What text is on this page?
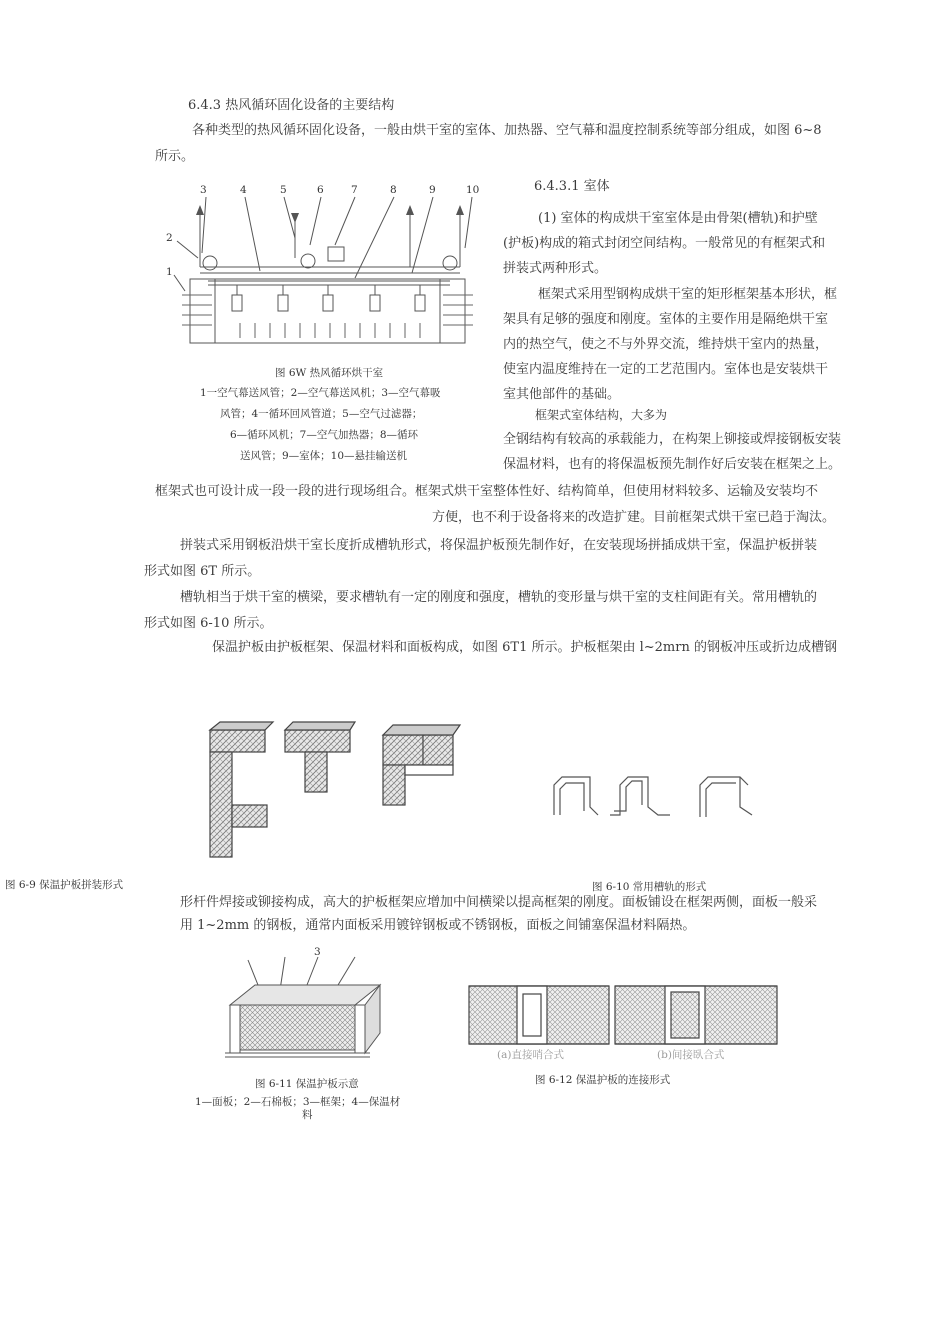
6.4.3 热风循环固化设备的主要结构
各种类型的热风循环固化设备，一般由烘干室的室体、加热器、空气幕和温度控制系统等部分组成，如图 6~8
所示。
6.4.3.1 室体
(1) 室体的构成烘干室室体是由骨架(槽轨)和护壁
(护板)构成的箱式封闭空间结构。一般常见的有框架式和
拼装式两种形式。
框架式采用型钢构成烘干室的矩形框架基本形状，框
架具有足够的强度和刚度。室体的主要作用是隔绝烘干室
内的热空气，使之不与外界交流，维持烘干室内的热量，
使室内温度维持在一定的工艺范围内。室体也是安装烘干
室其他部件的基础。
框架式室体结构，大多为
全钢结构有较高的承载能力，在构架上铆接或焊接钢板安装
保温材料，也有的将保温板预先制作好后安装在框架之上。
框架式也可设计成一段一段的进行现场组合。框架式烘干室整体性好、结构简单，但使用材料较多、运输及安装均不
方便，也不利于设备将来的改造扩建。目前框架式烘干室已趋于淘汰。
拼装式采用钢板沿烘干室长度折成槽轨形式，将保温护板预先制作好，在安装现场拼插成烘干室，保温护板拼装
形式如图 6T 所示。
槽轨相当于烘干室的横梁，要求槽轨有一定的刚度和强度，槽轨的变形量与烘干室的支柱间距有关。常用槽轨的
形式如图 6-10 所示。
保温护板由护板框架、保温材料和面板构成，如图 6T1 所示。护板框架由 l~2mrn 的钢板冲压或折边成槽钢
形杆件焊接或铆接构成，高大的护板框架应增加中间横梁以提高框架的刚度。面板铺设在框架两侧，面板一般采
用 1~2mm 的钢板，通常内面板采用镀锌钢板或不锈钢板，面板之间铺塞保温材料隔热。
3	4	5	6	7	8	9	10
2
1
图 6W 热风循环烘干室
1一空气幕送风管；2—空气幕送风机；3—空气幕吸
风管；4一循环回风管道；5—空气过滤器；
6—循环风机；7—空气加热器；8—循环
送风管；9—室体；10—悬挂输送机
图 6-9 保温护板拼装形式	图 6-10 常用槽轨的形式
3
图 6-11 保温护板示意
1—面板；2—石棉板；3—框架；4—保温材
料
(a)直接哨合式	(b)间接臥合式
图 6-12 保温护板的连接形式
